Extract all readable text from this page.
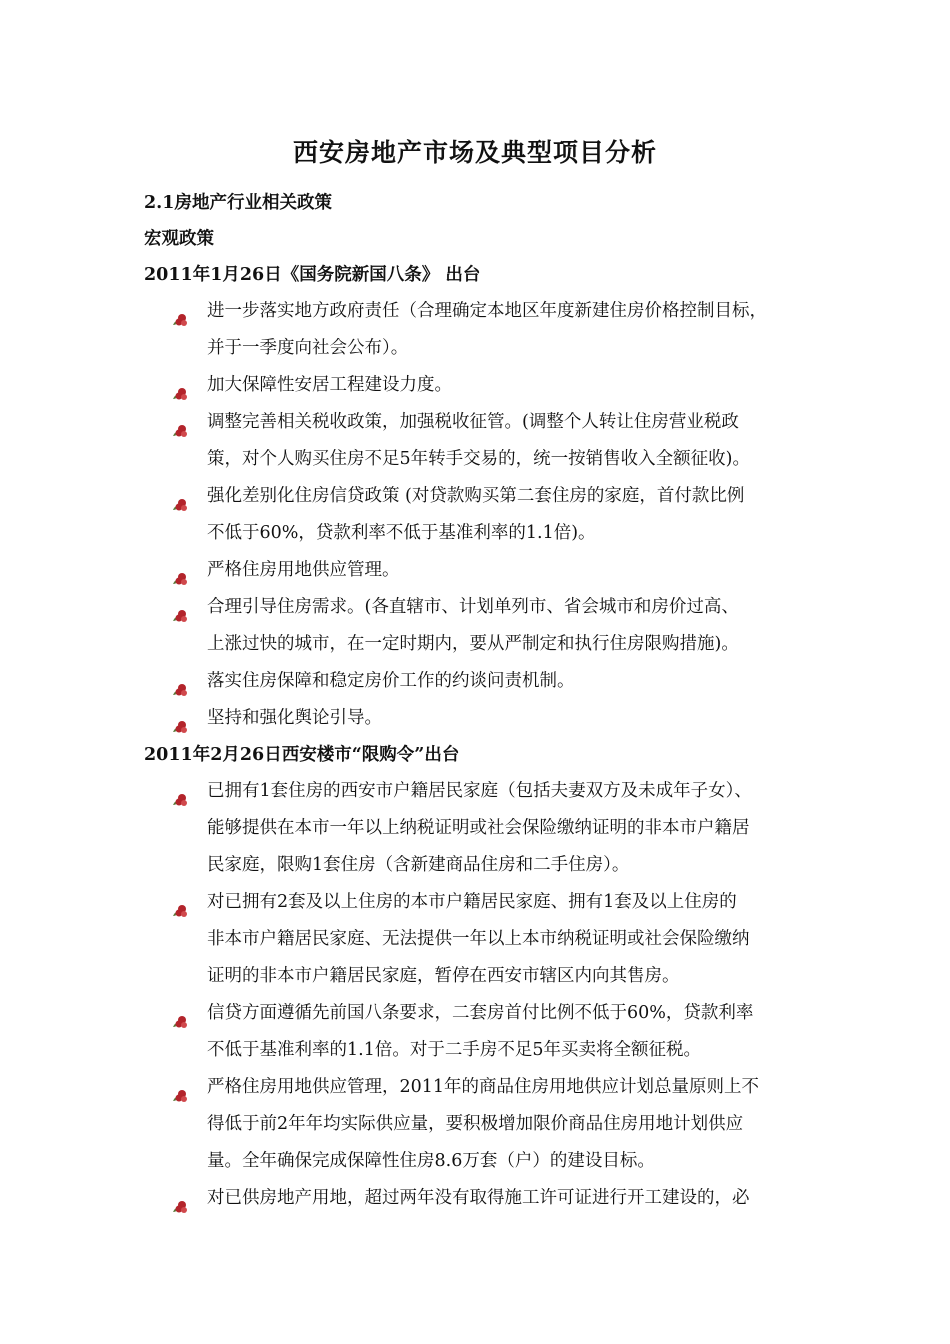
西安房地产市场及典型项目分析
2.1房地产行业相关政策
宏观政策
2011年1月26日《国务院新国八条》 出台
进一步落实地方政府责任（合理确定本地区年度新建住房价格控制目标，
并于一季度向社会公布）。
加大保障性安居工程建设力度。
调整完善相关税收政策，加强税收征管。(调整个人转让住房营业税政
策，对个人购买住房不足5年转手交易的，统一按销售收入全额征收)。
强化差别化住房信贷政策 (对贷款购买第二套住房的家庭，首付款比例
不低于60%，贷款利率不低于基准利率的1.1倍)。
严格住房用地供应管理。
合理引导住房需求。(各直辖市、计划单列市、省会城市和房价过高、
上涨过快的城市，在一定时期内，要从严制定和执行住房限购措施)。
落实住房保障和稳定房价工作的约谈问责机制。
坚持和强化舆论引导。
2011年2月26日西安楼市“限购令”出台
已拥有1套住房的西安市户籍居民家庭（包括夫妻双方及未成年子女）、
能够提供在本市一年以上纳税证明或社会保险缴纳证明的非本市户籍居
民家庭，限购1套住房（含新建商品住房和二手住房）。
对已拥有2套及以上住房的本市户籍居民家庭、拥有1套及以上住房的
非本市户籍居民家庭、无法提供一年以上本市纳税证明或社会保险缴纳
证明的非本市户籍居民家庭，暂停在西安市辖区内向其售房。
信贷方面遵循先前国八条要求，二套房首付比例不低于60%，贷款利率
不低于基准利率的1.1倍。对于二手房不足5年买卖将全额征税。
严格住房用地供应管理，2011年的商品住房用地供应计划总量原则上不
得低于前2年年均实际供应量，要积极增加限价商品住房用地计划供应
量。全年确保完成保障性住房8.6万套（户）的建设目标。
对已供房地产用地，超过两年没有取得施工许可证进行开工建设的，必
